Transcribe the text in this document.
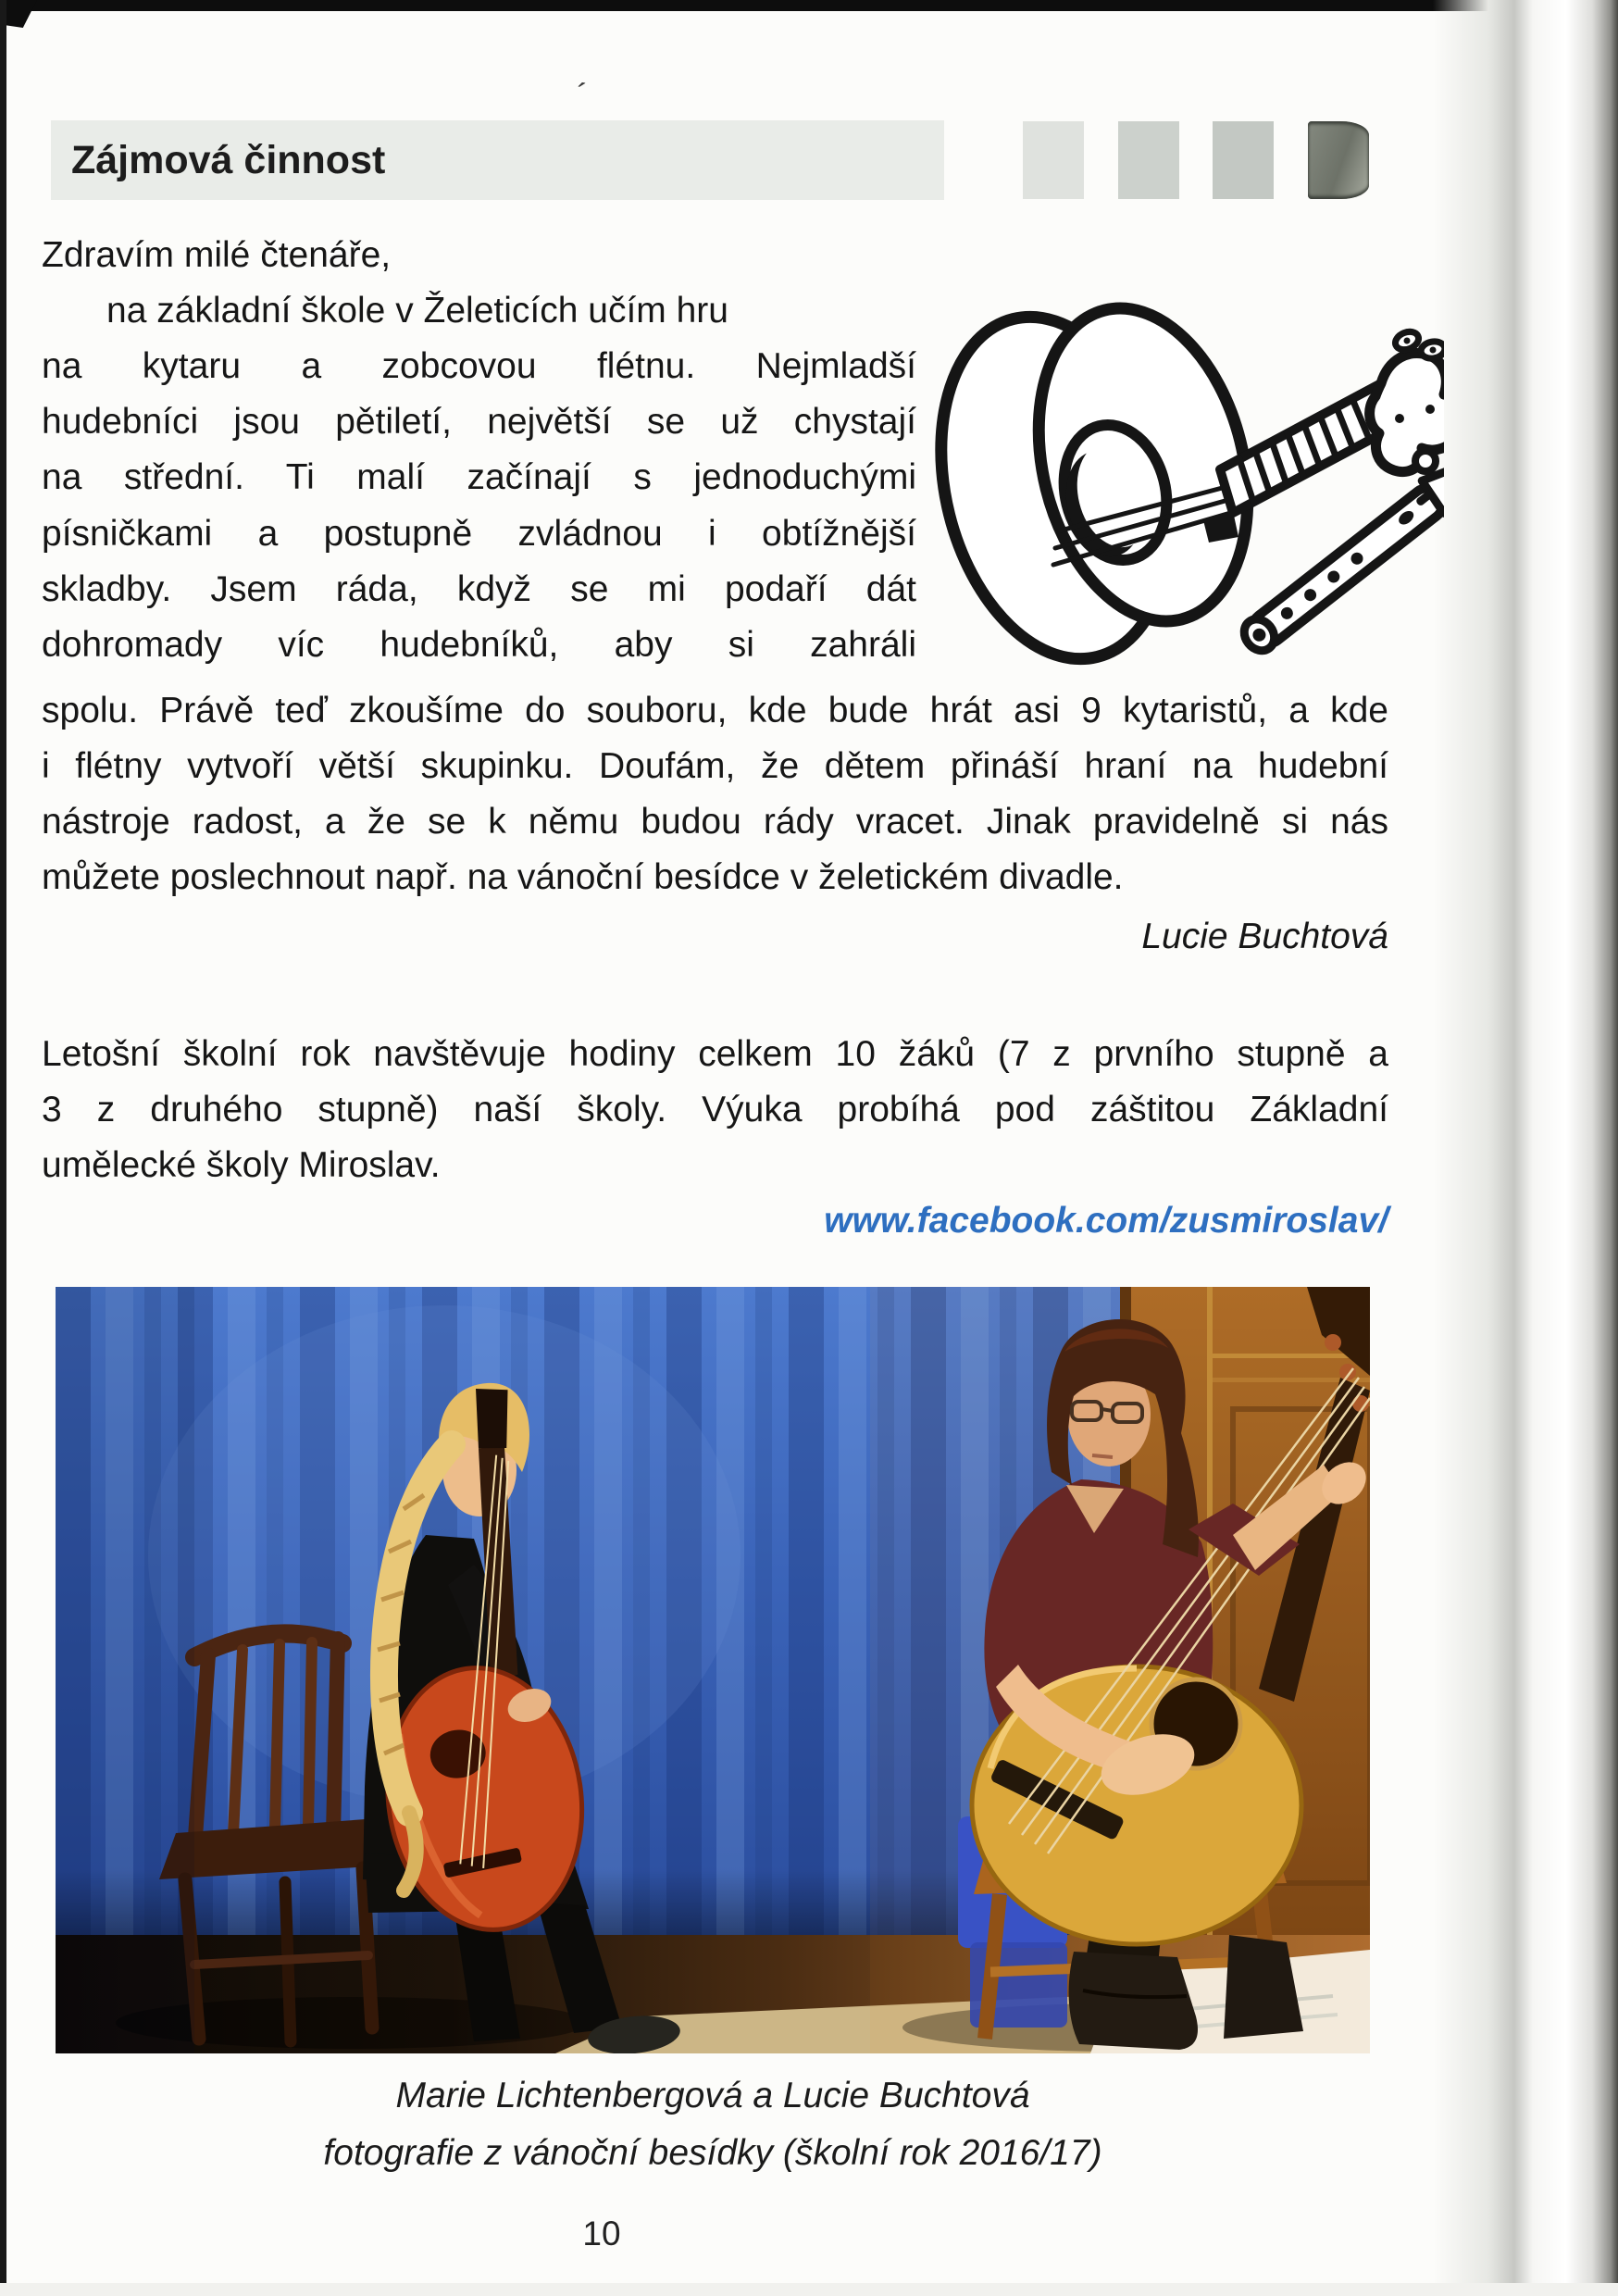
Zájmová činnost
´
Zdravím milé čtenáře,
na základní škole v Želeticích učím hru
na kytaru a zobcovou flétnu. Nejmladší
hudebníci jsou pětiletí, největší se už chystají
na střední. Ti malí začínají s jednoduchými
písničkami a postupně zvládnou i obtížnější
skladby. Jsem ráda, když se mi podaří dát
dohromady víc hudebníků, aby si zahráli
spolu. Právě teď zkoušíme do souboru, kde bude hrát asi 9 kytaristů, a kde
i flétny vytvoří větší skupinku. Doufám, že dětem přináší hraní na hudební
nástroje radost, a že se k němu budou rády vracet. Jinak pravidelně si nás
můžete poslechnout např. na vánoční besídce v želetickém divadle.
Lucie Buchtová
Letošní školní rok navštěvuje hodiny celkem 10 žáků (7 z prvního stupně a
3 z druhého stupně) naší školy. Výuka probíhá pod záštitou Základní
umělecké školy Miroslav.
www.facebook.com/zusmiroslav/
Marie Lichtenbergová a Lucie Buchtová
fotografie z vánoční besídky (školní rok 2016/17)
10
